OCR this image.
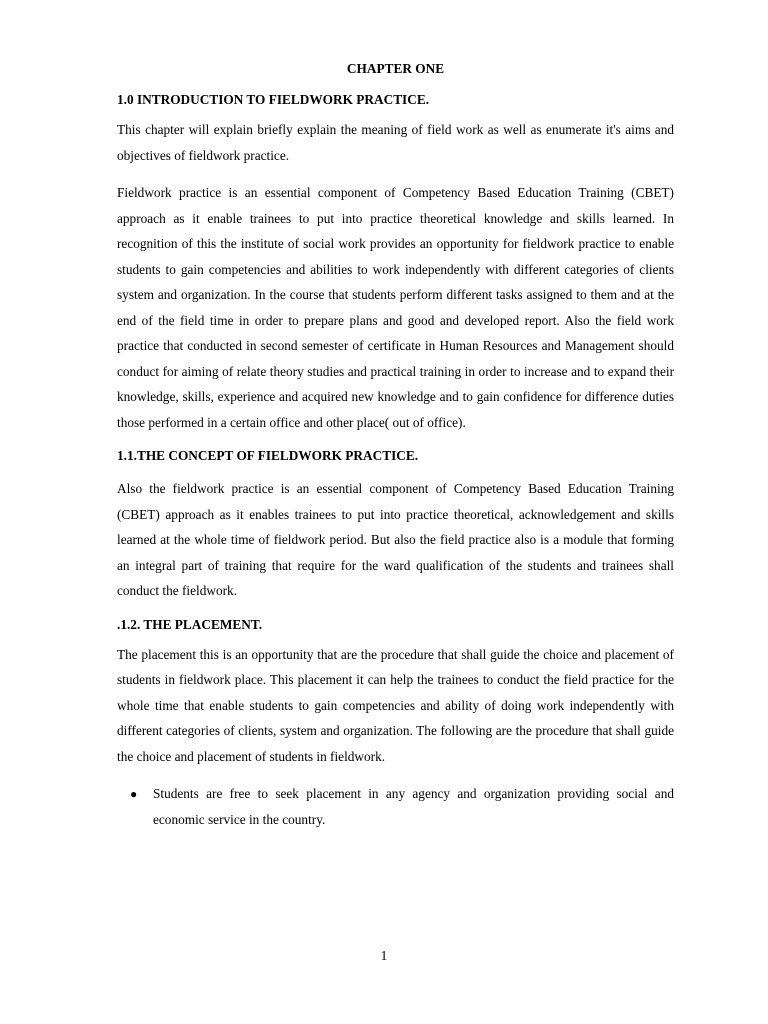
CHAPTER ONE
1.0 INTRODUCTION TO FIELDWORK PRACTICE.

This chapter will explain briefly explain the meaning of field work as well as enumerate it's aims and objectives of fieldwork practice.

Fieldwork practice is an essential component of Competency Based Education Training (CBET) approach as it enable trainees to put into practice theoretical knowledge and skills learned. In recognition of this the institute of social work provides an opportunity for fieldwork practice to enable students to gain competencies and abilities to work independently with different categories of clients system and organization. In the course that students perform different tasks assigned to them and at the end of the field time in order to prepare plans and good and developed report. Also the field work practice that conducted in second semester of certificate in Human Resources and Management should conduct for aiming of relate theory studies and practical training in order to increase and to expand their knowledge, skills, experience and acquired new knowledge and to gain confidence for difference duties those performed in a certain office and other place( out of office).

1.1.THE CONCEPT OF FIELDWORK PRACTICE.

Also the fieldwork practice is an essential component of Competency Based Education Training (CBET) approach as it enables trainees to put into practice theoretical, acknowledgement and skills learned at the whole time of fieldwork period. But also the field practice also is a module that forming an integral part of training that require for the ward qualification of the students and trainees shall conduct the fieldwork.

.1.2. THE PLACEMENT.

The placement this is an opportunity that are the procedure that shall guide the choice and placement of students in fieldwork place. This placement it can help the trainees to conduct the field practice for the whole time that enable students to gain competencies and ability of doing work independently with different categories of clients, system and organization. The following are the procedure that shall guide the choice and placement of students in fieldwork.

● Students are free to seek placement in any agency and organization providing social and economic service in the country.
1
